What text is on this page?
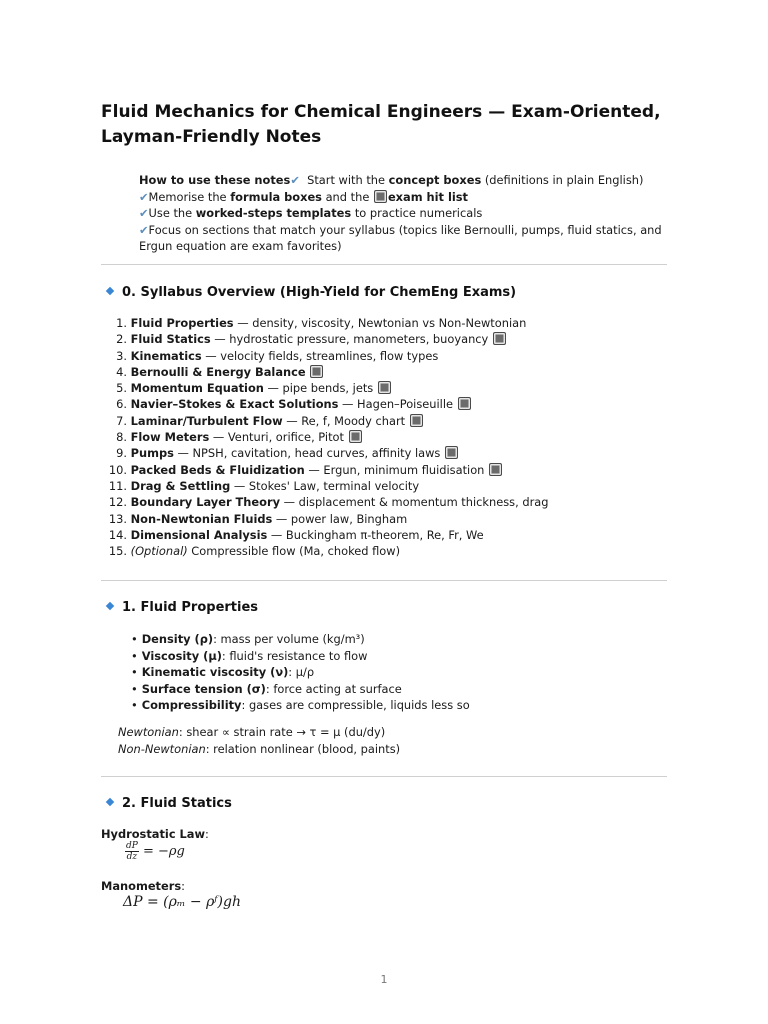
Fluid Mechanics for Chemical Engineers — Exam-Oriented, Layman-Friendly Notes
How to use these notes✔ Start with the concept boxes (definitions in plain English)
✔Memorise the formula boxes and the exam hit list
✔Use the worked-steps templates to practice numericals
✔Focus on sections that match your syllabus (topics like Bernoulli, pumps, fluid statics, and Ergun equation are exam favorites)
0. Syllabus Overview (High-Yield for ChemEng Exams)
1. Fluid Properties — density, viscosity, Newtonian vs Non-Newtonian
2. Fluid Statics — hydrostatic pressure, manometers, buoyancy
3. Kinematics — velocity fields, streamlines, flow types
4. Bernoulli & Energy Balance
5. Momentum Equation — pipe bends, jets
6. Navier–Stokes & Exact Solutions — Hagen–Poiseuille
7. Laminar/Turbulent Flow — Re, f, Moody chart
8. Flow Meters — Venturi, orifice, Pitot
9. Pumps — NPSH, cavitation, head curves, affinity laws
10. Packed Beds & Fluidization — Ergun, minimum fluidisation
11. Drag & Settling — Stokes' Law, terminal velocity
12. Boundary Layer Theory — displacement & momentum thickness, drag
13. Non-Newtonian Fluids — power law, Bingham
14. Dimensional Analysis — Buckingham π-theorem, Re, Fr, We
15. (Optional) Compressible flow (Ma, choked flow)
1. Fluid Properties
• Density (ρ): mass per volume (kg/m³)
• Viscosity (μ): fluid's resistance to flow
• Kinematic viscosity (ν): μ/ρ
• Surface tension (σ): force acting at surface
• Compressibility: gases are compressible, liquids less so
Newtonian: shear ∝ strain rate → τ = μ (du/dy)
Non-Newtonian: relation nonlinear (blood, paints)
2. Fluid Statics
Hydrostatic Law:
$\frac{dP}{dz} = -\rho g$
Manometers:
ΔP = (ρₘ − ρᶠ)gh
1
